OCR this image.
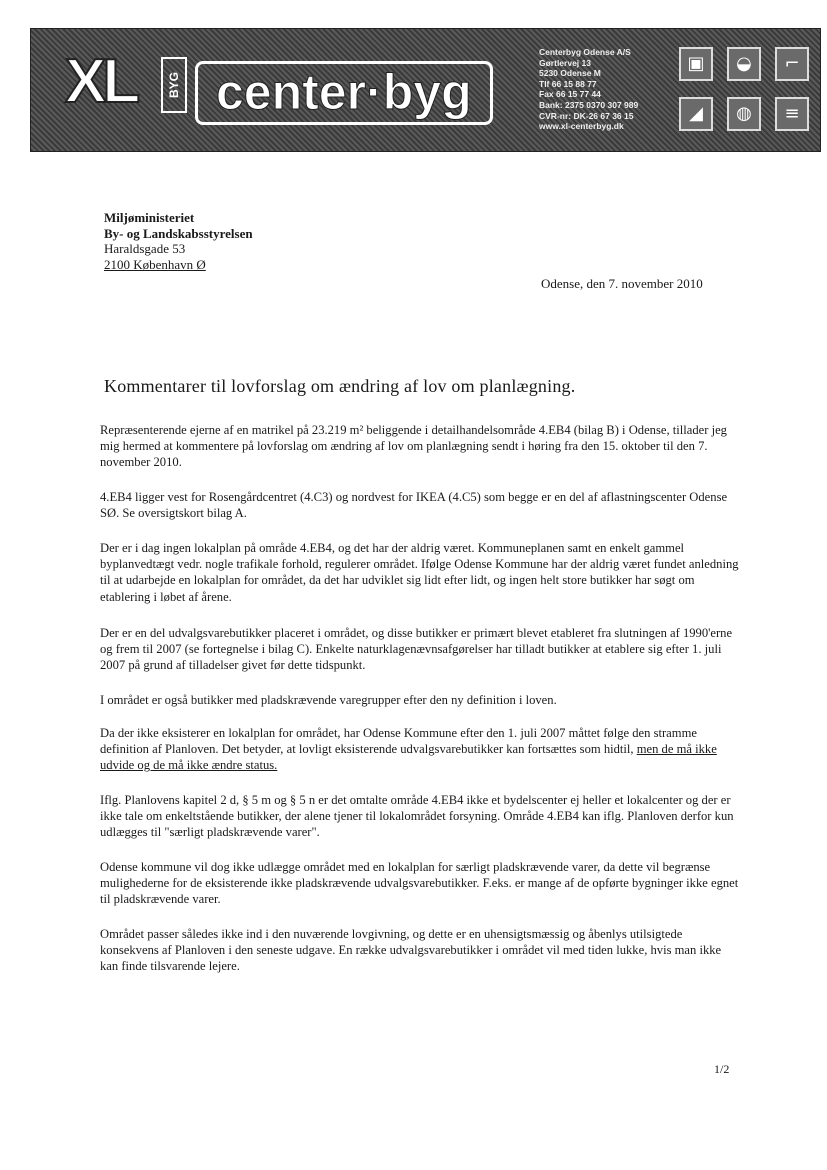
XL	BYG center·byg
Centerbyg Odense A/S
Gørtlervej 13
5230 Odense M
Tlf 66 15 88 77
Fax 66 15 77 44
Bank: 2375 0370 307 989
CVR-nr: DK-26 67 36 15
www.xl-centerbyg.dk
▣	◒	⌐
◢	◍	≡
Miljøministeriet
By- og Landskabsstyrelsen
Haraldsgade 53
2100 København Ø
Odense, den 7. november 2010
Kommentarer til lovforslag om ændring af lov om planlægning.
Repræsenterende ejerne af en matrikel på 23.219 m² beliggende i detailhandelsområde 4.EB4 (bilag B) i Odense, tillader jeg mig hermed at kommentere på lovforslag om ændring af lov om planlægning sendt i høring fra den 15. oktober til den 7. november 2010.
4.EB4 ligger vest for Rosengårdcentret (4.C3) og nordvest for IKEA (4.C5) som begge er en del af aflastningscenter Odense SØ. Se oversigtskort bilag A.
Der er i dag ingen lokalplan på område 4.EB4, og det har der aldrig været. Kommuneplanen samt en enkelt gammel byplanvedtægt vedr. nogle trafikale forhold, regulerer området. Ifølge Odense Kommune har der aldrig været fundet anledning til at udarbejde en lokalplan for området, da det har udviklet sig lidt efter lidt, og ingen helt store butikker har søgt om etablering i løbet af årene.
Der er en del udvalgsvarebutikker placeret i området, og disse butikker er primært blevet etableret fra slutningen af 1990'erne og frem til 2007 (se fortegnelse i bilag C). Enkelte naturklagenævnsafgørelser har tilladt butikker at etablere sig efter 1. juli 2007 på grund af tilladelser givet før dette tidspunkt.
I området er også butikker med pladskrævende varegrupper efter den ny definition i loven.
Da der ikke eksisterer en lokalplan for området, har Odense Kommune efter den 1. juli 2007 måttet følge den stramme definition af Planloven. Det betyder, at lovligt eksisterende udvalgsvarebutikker kan fortsættes som hidtil, men de må ikke udvide og de må ikke ændre status.
Iflg. Planlovens kapitel 2 d, § 5 m og § 5 n er det omtalte område 4.EB4 ikke et bydelscenter ej heller et lokalcenter og der er ikke tale om enkeltstående butikker, der alene tjener til lokalområdet forsyning. Område 4.EB4 kan iflg. Planloven derfor kun udlægges til "særligt pladskrævende varer".
Odense kommune vil dog ikke udlægge området med en lokalplan for særligt pladskrævende varer, da dette vil begrænse mulighederne for de eksisterende ikke pladskrævende udvalgsvarebutikker. F.eks. er mange af de opførte bygninger ikke egnet til pladskrævende varer.
Området passer således ikke ind i den nuværende lovgivning, og dette er en uhensigtsmæssig og åbenlys utilsigtede konsekvens af Planloven i den seneste udgave. En række udvalgsvarebutikker i området vil med tiden lukke, hvis man ikke kan finde tilsvarende lejere.
1/2
